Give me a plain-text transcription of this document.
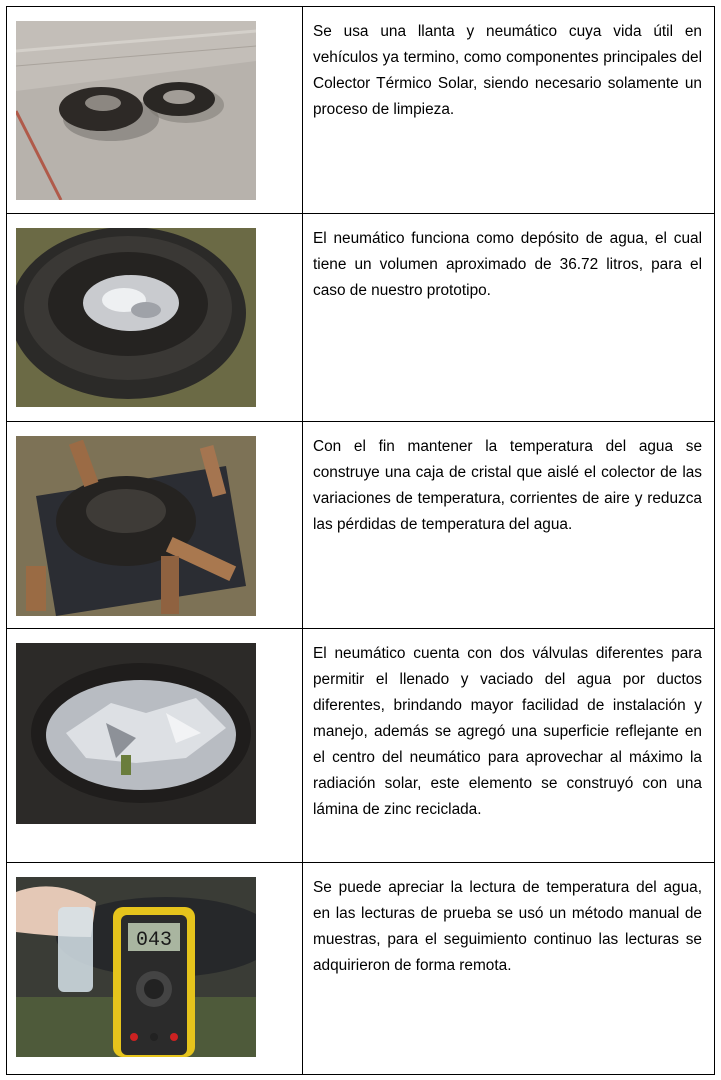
Se usa una llanta y neumático cuya vida útil en vehículos ya termino, como componentes principales del Colector Térmico Solar, siendo necesario solamente un proceso de limpieza.

El neumático funciona como depósito de agua, el cual tiene un volumen aproximado de 36.72 litros, para el caso de nuestro prototipo.

Con el fin mantener la temperatura del agua se construye una caja de cristal que aislé el colector de las variaciones de temperatura, corrientes de aire y reduzca las pérdidas de temperatura del agua.

El neumático cuenta con dos válvulas diferentes para permitir el llenado y vaciado del agua por ductos diferentes, brindando mayor facilidad de instalación y manejo, además se agregó una superficie reflejante en el centro del neumático para aprovechar al máximo la radiación solar, este elemento se construyó con una lámina de zinc reciclada.

043

Se puede apreciar la lectura de temperatura del agua, en las lecturas de prueba se usó un método manual de muestras, para el seguimiento continuo las lecturas se adquirieron de forma remota.
